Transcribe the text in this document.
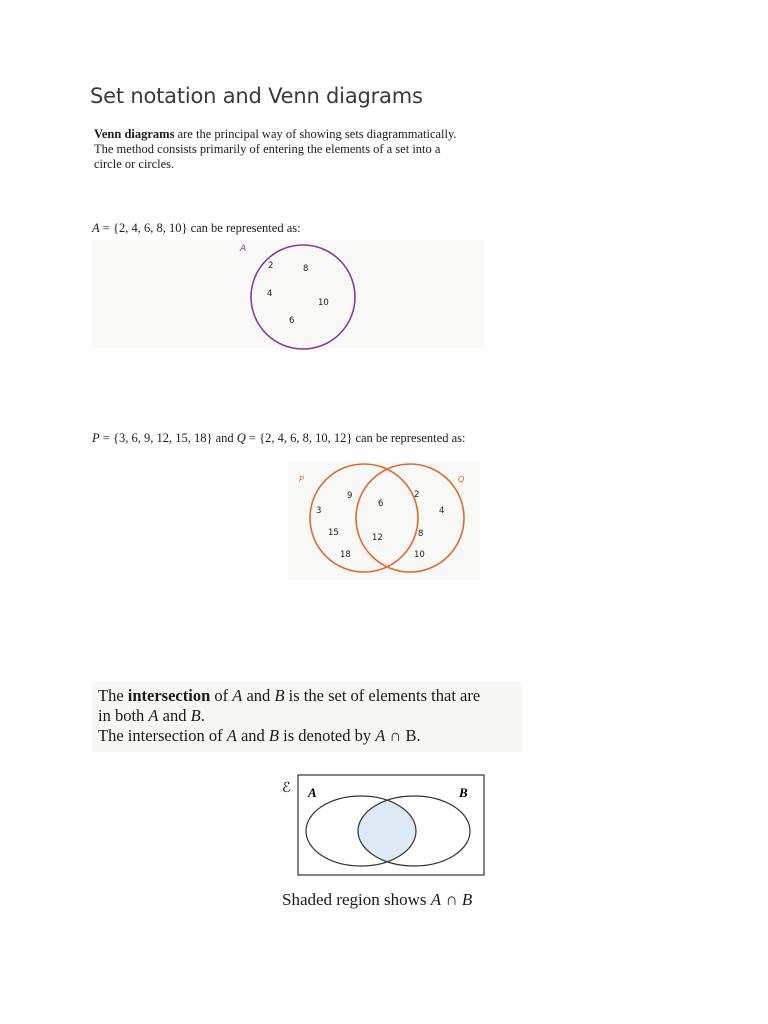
Set notation and Venn diagrams
Venn diagrams are the principal way of showing sets diagrammatically.
The method consists primarily of entering the elements of a set into a
circle or circles.
A = {2, 4, 6, 8, 10} can be represented as:
A
2	8
4
10
6
P = {3, 6, 9, 12, 15, 18} and Q = {2, 4, 6, 8, 10, 12} can be represented as:
P	Q
9
3
15
18
6
12
2
4
8
10
The intersection of A and B is the set of elements that are
in both A and B.
The intersection of A and B is denoted by A ∩ B.
ℰ A	B
Shaded region shows A ∩ B
